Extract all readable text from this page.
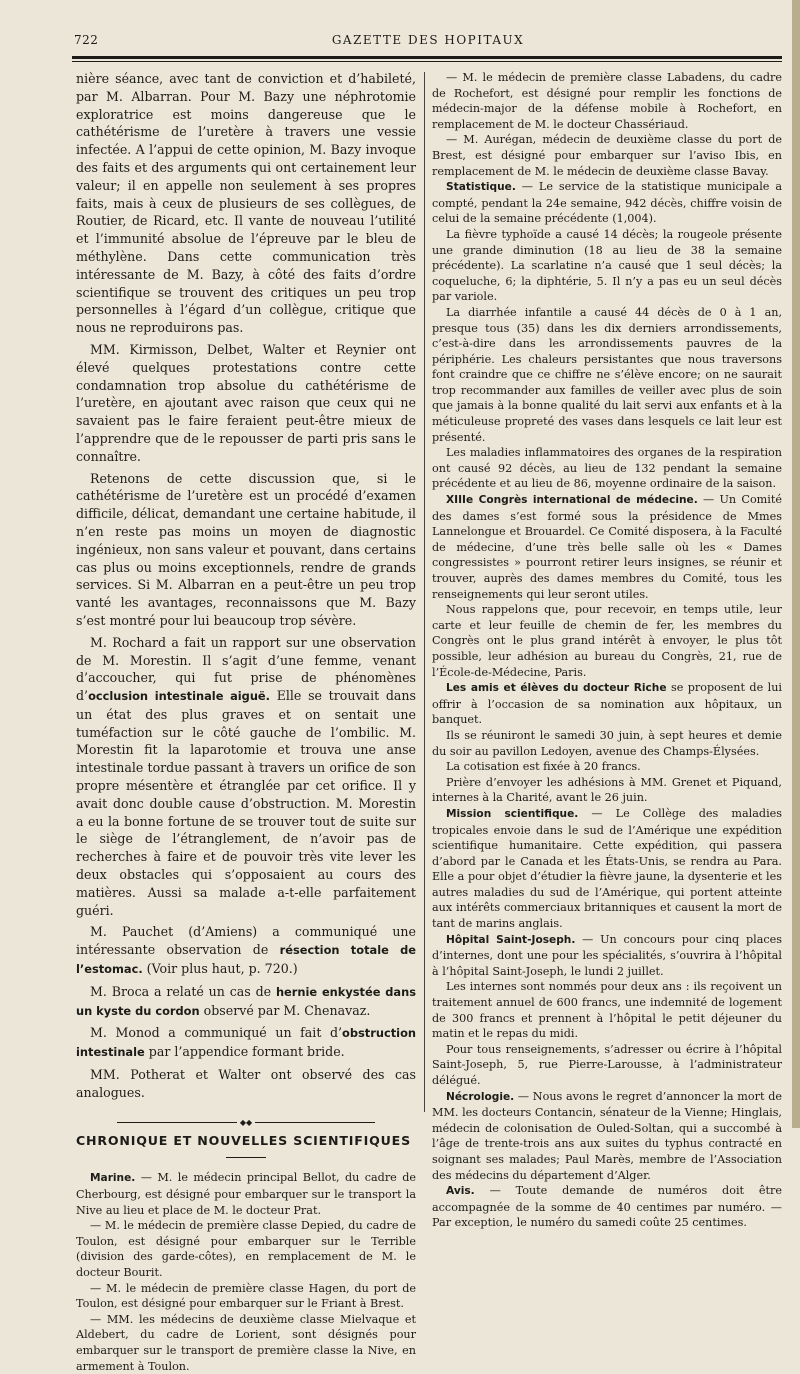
722	GAZETTE DES HOPITAUX

nière séance, avec tant de conviction et d’habileté, par M. Albarran. Pour M. Bazy une néphrotomie exploratrice est moins dangereuse que le cathétérisme de l’uretère à travers une vessie infectée. A l’appui de cette opinion, M. Bazy invoque des faits et des arguments qui ont certainement leur valeur; il en appelle non seulement à ses propres faits, mais à ceux de plusieurs de ses collègues, de Routier, de Ricard, etc. Il vante de nouveau l’utilité et l’immunité absolue de l’épreuve par le bleu de méthylène. Dans cette communication très intéressante de M. Bazy, à côté des faits d’ordre scientifique se trouvent des critiques un peu trop personnelles à l’égard d’un collègue, critique que nous ne reproduirons pas.

MM. Kirmisson, Delbet, Walter et Reynier ont élevé quelques protestations contre cette condamnation trop absolue du cathétérisme de l’uretère, en ajoutant avec raison que ceux qui ne savaient pas le faire feraient peut-être mieux de l’apprendre que de le repousser de parti pris sans le connaître.

Retenons de cette discussion que, si le cathétérisme de l’uretère est un procédé d’examen difficile, délicat, demandant une certaine habitude, il n’en reste pas moins un moyen de diagnostic ingénieux, non sans valeur et pouvant, dans certains cas plus ou moins exceptionnels, rendre de grands services. Si M. Albarran en a peut-être un peu trop vanté les avantages, reconnaissons que M. Bazy s’est montré pour lui beaucoup trop sévère.

M. Rochard a fait un rapport sur une observation de M. Morestin. Il s’agit d’une femme, venant d’accoucher, qui fut prise de phénomènes d’occlusion intestinale aiguë. Elle se trouvait dans un état des plus graves et on sentait une tuméfaction sur le côté gauche de l’ombilic. M. Morestin fit la laparotomie et trouva une anse intestinale tordue passant à travers un orifice de son propre mésentère et étranglée par cet orifice. Il y avait donc double cause d’obstruction. M. Morestin a eu la bonne fortune de se trouver tout de suite sur le siège de l’étranglement, de n’avoir pas de recherches à faire et de pouvoir très vite lever les deux obstacles qui s’opposaient au cours des matières. Aussi sa malade a-t-elle parfaitement guéri.

M. Pauchet (d’Amiens) a communiqué une intéressante observation de résection totale de l’estomac. (Voir plus haut, p. 720.)

M. Broca a relaté un cas de hernie enkystée dans un kyste du cordon observé par M. Chenavaz.

M. Monod a communiqué un fait d’obstruction intestinale par l’appendice formant bride.

MM. Potherat et Walter ont observé des cas analogues.

◆◆

CHRONIQUE ET NOUVELLES SCIENTIFIQUES

Marine. — M. le médecin principal Bellot, du cadre de Cherbourg, est désigné pour embarquer sur le transport la Nive au lieu et place de M. le docteur Prat.

— M. le médecin de première classe Depied, du cadre de Toulon, est désigné pour embarquer sur le Terrible (division des garde-côtes), en remplacement de M. le docteur Bourit.

— M. le médecin de première classe Hagen, du port de Toulon, est désigné pour embarquer sur le Friant à Brest.

— MM. les médecins de deuxième classe Mielvaque et Aldebert, du cadre de Lorient, sont désignés pour embarquer sur le transport de première classe la Nive, en armement à Toulon.

— M. le médecin de première classe Labadens, du cadre de Rochefort, est désigné pour remplir les fonctions de médecin-major de la défense mobile à Rochefort, en remplacement de M. le docteur Chassériaud.

— M. Aurégan, médecin de deuxième classe du port de Brest, est désigné pour embarquer sur l’aviso Ibis, en remplacement de M. le médecin de deuxième classe Bavay.

Statistique. — Le service de la statistique municipale a compté, pendant la 24e semaine, 942 décès, chiffre voisin de celui de la semaine précédente (1,004).

La fièvre typhoïde a causé 14 décès; la rougeole présente une grande diminution (18 au lieu de 38 la semaine précédente). La scarlatine n’a causé que 1 seul décès; la coqueluche, 6; la diphtérie, 5. Il n’y a pas eu un seul décès par variole.

La diarrhée infantile a causé 44 décès de 0 à 1 an, presque tous (35) dans les dix derniers arrondissements, c’est-à-dire dans les arrondissements pauvres de la périphérie. Les chaleurs persistantes que nous traversons font craindre que ce chiffre ne s’élève encore; on ne saurait trop recommander aux familles de veiller avec plus de soin que jamais à la bonne qualité du lait servi aux enfants et à la méticuleuse propreté des vases dans lesquels ce lait leur est présenté.

Les maladies inflammatoires des organes de la respiration ont causé 92 décès, au lieu de 132 pendant la semaine précédente et au lieu de 86, moyenne ordinaire de la saison.

XIIIe Congrès international de médecine. — Un Comité des dames s’est formé sous la présidence de Mmes Lannelongue et Brouardel. Ce Comité disposera, à la Faculté de médecine, d’une très belle salle où les « Dames congressistes » pourront retirer leurs insignes, se réunir et trouver, auprès des dames membres du Comité, tous les renseignements qui leur seront utiles.

Nous rappelons que, pour recevoir, en temps utile, leur carte et leur feuille de chemin de fer, les membres du Congrès ont le plus grand intérêt à envoyer, le plus tôt possible, leur adhésion au bureau du Congrès, 21, rue de l’École-de-Médecine, Paris.

Les amis et élèves du docteur Riche se proposent de lui offrir à l’occasion de sa nomination aux hôpitaux, un banquet.

Ils se réuniront le samedi 30 juin, à sept heures et demie du soir au pavillon Ledoyen, avenue des Champs-Élysées.

La cotisation est fixée à 20 francs.

Prière d’envoyer les adhésions à MM. Grenet et Piquand, internes à la Charité, avant le 26 juin.

Mission scientifique. — Le Collège des maladies tropicales envoie dans le sud de l’Amérique une expédition scientifique humanitaire. Cette expédition, qui passera d’abord par le Canada et les États-Unis, se rendra au Para. Elle a pour objet d’étudier la fièvre jaune, la dysenterie et les autres maladies du sud de l’Amérique, qui portent atteinte aux intérêts commerciaux britanniques et causent la mort de tant de marins anglais.

Hôpital Saint-Joseph. — Un concours pour cinq places d’internes, dont une pour les spécialités, s’ouvrira à l’hôpital à l’hôpital Saint-Joseph, le lundi 2 juillet.

Les internes sont nommés pour deux ans : ils reçoivent un traitement annuel de 600 francs, une indemnité de logement de 300 francs et prennent à l’hôpital le petit déjeuner du matin et le repas du midi.

Pour tous renseignements, s’adresser ou écrire à l’hôpital Saint-Joseph, 5, rue Pierre-Larousse, à l’administrateur délégué.

Nécrologie. — Nous avons le regret d’annoncer la mort de MM. les docteurs Contancin, sénateur de la Vienne; Hinglais, médecin de colonisation de Ouled-Soltan, qui a succombé à l’âge de trente-trois ans aux suites du typhus contracté en soignant ses malades; Paul Marès, membre de l’Association des médecins du département d’Alger.

Avis. — Toute demande de numéros doit être accompagnée de la somme de 40 centimes par numéro. — Par exception, le numéro du samedi coûte 25 centimes.
